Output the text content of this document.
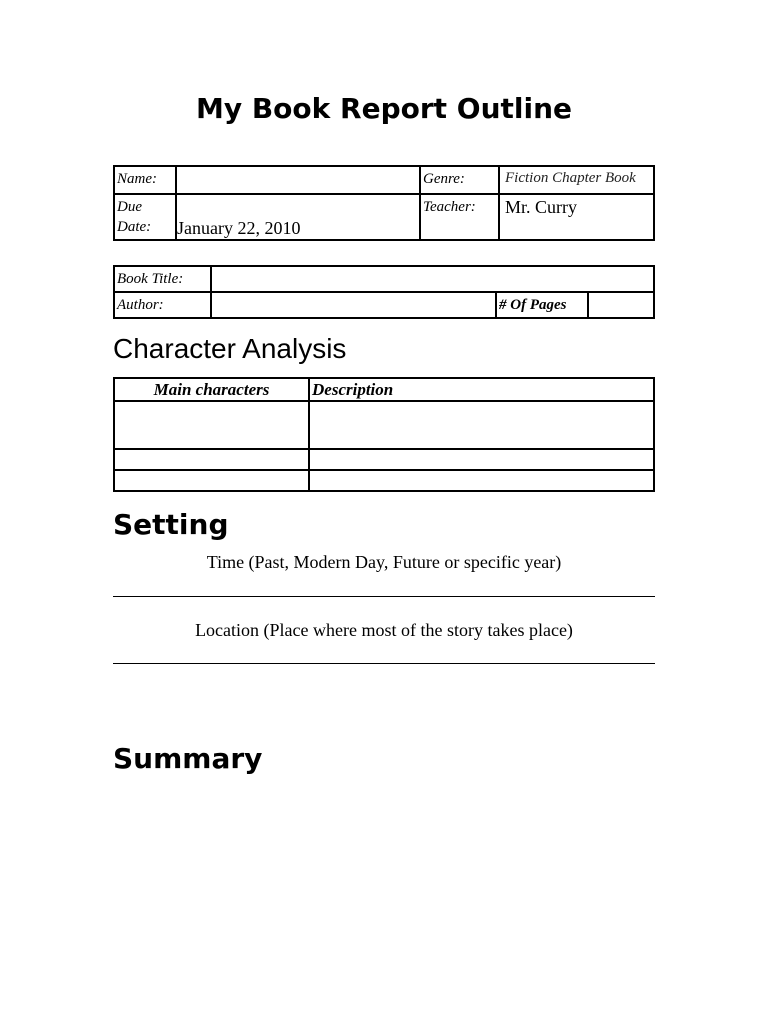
My Book Report Outline
Name:		Genre:	Fiction Chapter Book

Due
Date:	January 22, 2010	Teacher:	Mr. Curry
Book Title:			
Author:		# Of Pages	
Character Analysis
Main characters	Description

Setting
Time (Past, Modern Day, Future or specific year)
Location (Place where most of the story takes place)
Summary
